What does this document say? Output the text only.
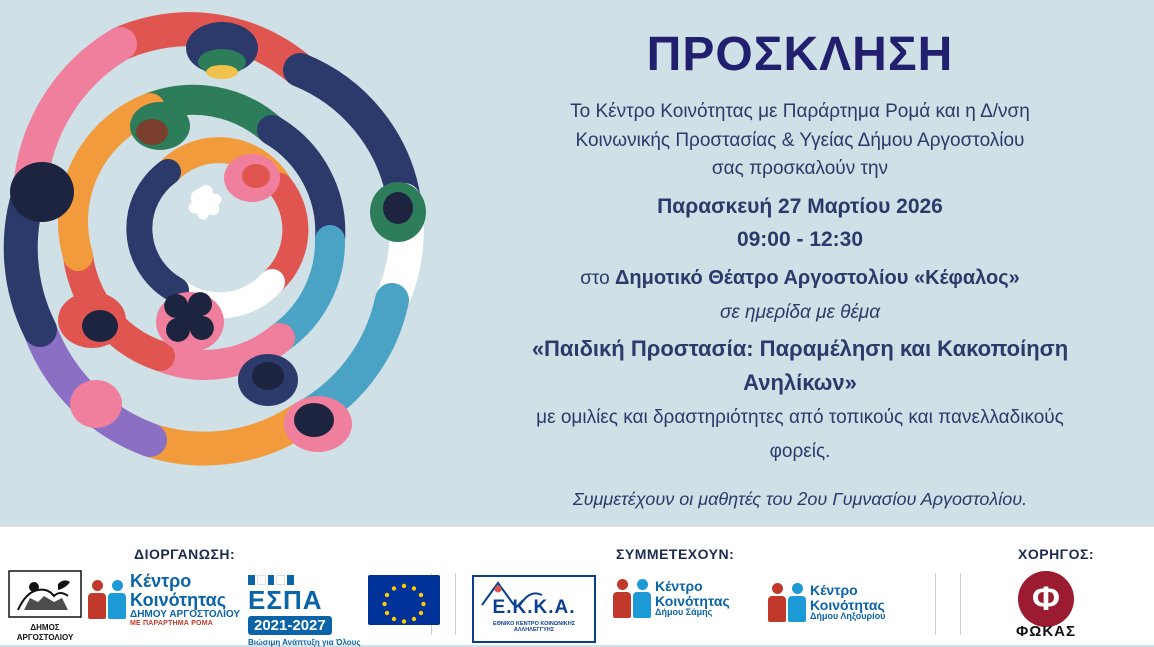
ΠΡΟΣΚΛΗΣΗ

Το Κέντρο Κοινότητας με Παράρτημα Ρομά και η Δ/νση

Κοινωνικής Προστασίας & Υγείας Δήμου Αργοστολίου

σας προσκαλούν την

Παρασκευή 27 Μαρτίου 2026

09:00 - 12:30

στο Δημοτικό Θέατρο Αργοστολίου «Κέφαλος»

σε ημερίδα με θέμα

«Παιδική Προστασία: Παραμέληση και Κακοποίηση

Ανηλίκων»

με ομιλίες και δραστηριότητες από τοπικούς και πανελλαδικούς

φορείς.

Συμμετέχουν οι μαθητές του 2ου Γυμνασίου Αργοστολίου.

ΔΙΟΡΓΑΝΩΣΗ:	ΣΥΜΜΕΤΕΧΟΥΝ:	ΧΟΡΗΓΟΣ:
ΔΗΜΟΣ
ΑΡΓΟΣΤΟΛΙΟΥ
Κέντρο
Κοινότητας
ΔΗΜΟΥ ΑΡΓΟΣΤΟΛΙΟΥ
ΜΕ ΠΑΡΑΡΤΗΜΑ ΡΟΜΑ
ΕΣΠΑ
2021-2027
Βιώσιμη Ανάπτυξη για Όλους
Ε.Κ.Κ.Α.
ΕΘΝΙΚΟ ΚΕΝΤΡΟ ΚΟΙΝΩΝΙΚΗΣ ΑΛΛΗΛΕΓΓΥΗΣ
Κέντρο
Κοινότητας
Δήμου Σάμης
Κέντρο
Κοινότητας
Δήμου Ληξουρίου	Φ
ΦΩΚΑΣ
